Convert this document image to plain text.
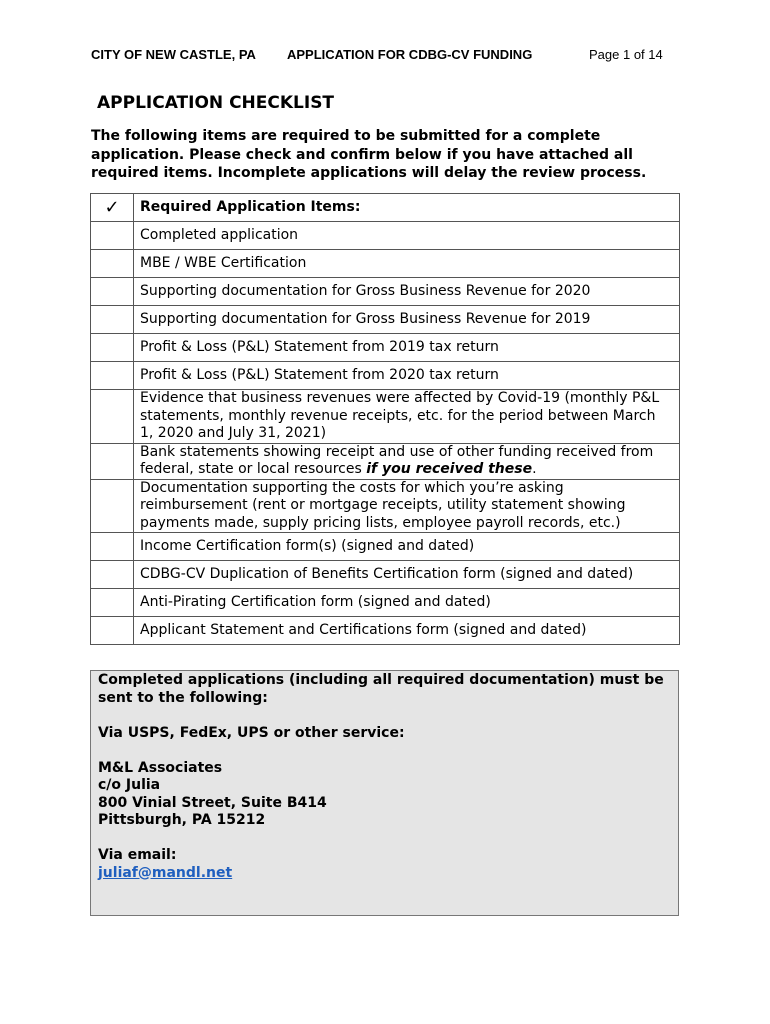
CITY OF NEW CASTLE, PA APPLICATION FOR CDBG-CV FUNDING	Page 1 of 14
APPLICATION CHECKLIST
The following items are required to be submitted for a complete application. Please check and confirm below if you have attached all required items. Incomplete applications will delay the review process.
✓	Required Application Items:
	Completed application
	MBE / WBE Certification
	Supporting documentation for Gross Business Revenue for 2020
	Supporting documentation for Gross Business Revenue for 2019
	Profit & Loss (P&L) Statement from 2019 tax return
	Profit & Loss (P&L) Statement from 2020 tax return
	Evidence that business revenues were affected by Covid-19 (monthly P&L statements, monthly revenue receipts, etc. for the period between March 1, 2020 and July 31, 2021)
	Bank statements showing receipt and use of other funding received from federal, state or local resources if you received these.
	Documentation supporting the costs for which you’re asking reimbursement (rent or mortgage receipts, utility statement showing payments made, supply pricing lists, employee payroll records, etc.)
	Income Certification form(s) (signed and dated)
	CDBG-CV Duplication of Benefits Certification form (signed and dated)
	Anti-Pirating Certification form (signed and dated)
	Applicant Statement and Certifications form (signed and dated)

Completed applications (including all required documentation) must be sent to the following:

Via USPS, FedEx, UPS or other service:

M&L Associates

c/o Julia

800 Vinial Street, Suite B414

Pittsburgh, PA 15212

Via email:

juliaf@mandl.net
